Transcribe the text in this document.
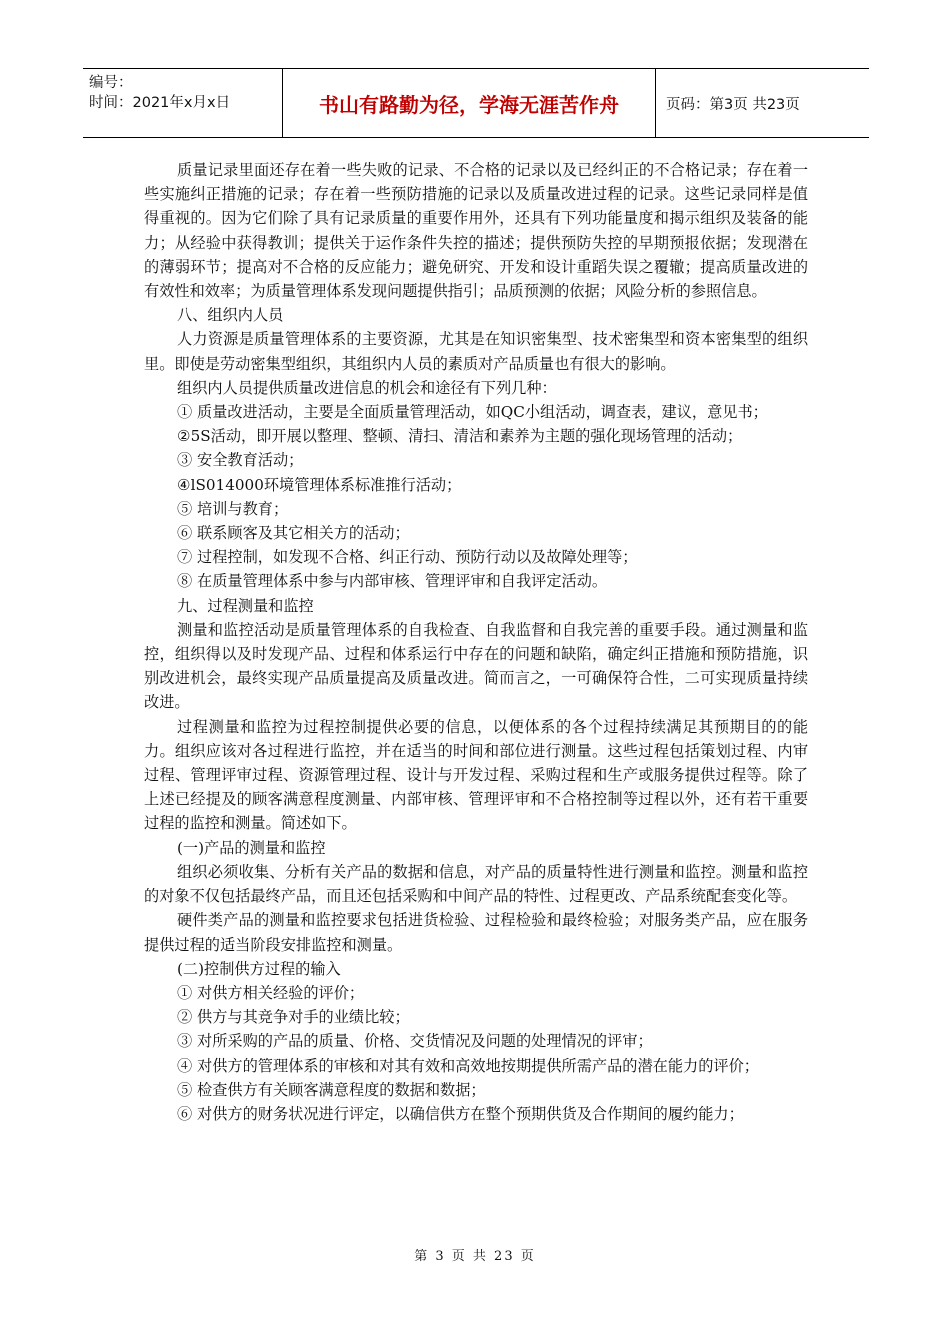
编号：
时间：2021年x月x日	书山有路勤为径，学海无涯苦作舟	页码：第3页 共23页

质量记录里面还存在着一些失败的记录、不合格的记录以及已经纠正的不合格记录；存在着一些实施纠正措施的记录；存在着一些预防措施的记录以及质量改进过程的记录。这些记录同样是值得重视的。因为它们除了具有记录质量的重要作用外，还具有下列功能量度和揭示组织及装备的能力；从经验中获得教训；提供关于运作条件失控的描述；提供预防失控的早期预报依据；发现潜在的薄弱环节；提高对不合格的反应能力；避免研究、开发和设计重蹈失误之覆辙；提高质量改进的有效性和效率；为质量管理体系发现问题提供指引；品质预测的依据；风险分析的参照信息。

八、组织内人员

人力资源是质量管理体系的主要资源，尤其是在知识密集型、技术密集型和资本密集型的组织里。即使是劳动密集型组织，其组织内人员的素质对产品质量也有很大的影响。

组织内人员提供质量改进信息的机会和途径有下列几种：

① 质量改进活动，主要是全面质量管理活动，如QC小组活动，调查表，建议，意见书；

②5S活动，即开展以整理、整顿、清扫、清洁和素养为主题的强化现场管理的活动；

③ 安全教育活动；

④lS014000环境管理体系标准推行活动；

⑤ 培训与教育；

⑥ 联系顾客及其它相关方的活动；

⑦ 过程控制，如发现不合格、纠正行动、预防行动以及故障处理等；

⑧ 在质量管理体系中参与内部审核、管理评审和自我评定活动。

九、过程测量和监控

测量和监控活动是质量管理体系的自我检查、自我监督和自我完善的重要手段。通过测量和监控，组织得以及时发现产品、过程和体系运行中存在的问题和缺陷，确定纠正措施和预防措施，识别改进机会，最终实现产品质量提高及质量改进。简而言之，一可确保符合性，二可实现质量持续改进。

过程测量和监控为过程控制提供必要的信息，以便体系的各个过程持续满足其预期目的的能力。组织应该对各过程进行监控，并在适当的时间和部位进行测量。这些过程包括策划过程、内审过程、管理评审过程、资源管理过程、设计与开发过程、采购过程和生产或服务提供过程等。除了上述已经提及的顾客满意程度测量、内部审核、管理评审和不合格控制等过程以外，还有若干重要过程的监控和测量。简述如下。

(一)产品的测量和监控

组织必须收集、分析有关产品的数据和信息，对产品的质量特性进行测量和监控。测量和监控的对象不仅包括最终产品，而且还包括采购和中间产品的特性、过程更改、产品系统配套变化等。

硬件类产品的测量和监控要求包括进货检验、过程检验和最终检验；对服务类产品，应在服务提供过程的适当阶段安排监控和测量。

(二)控制供方过程的输入

① 对供方相关经验的评价；

② 供方与其竞争对手的业绩比较；

③ 对所采购的产品的质量、价格、交货情况及问题的处理情况的评审；

④ 对供方的管理体系的审核和对其有效和高效地按期提供所需产品的潜在能力的评价；

⑤ 检查供方有关顾客满意程度的数据和数据；

⑥ 对供方的财务状况进行评定，以确信供方在整个预期供货及合作期间的履约能力；

第 3 页 共 23 页
